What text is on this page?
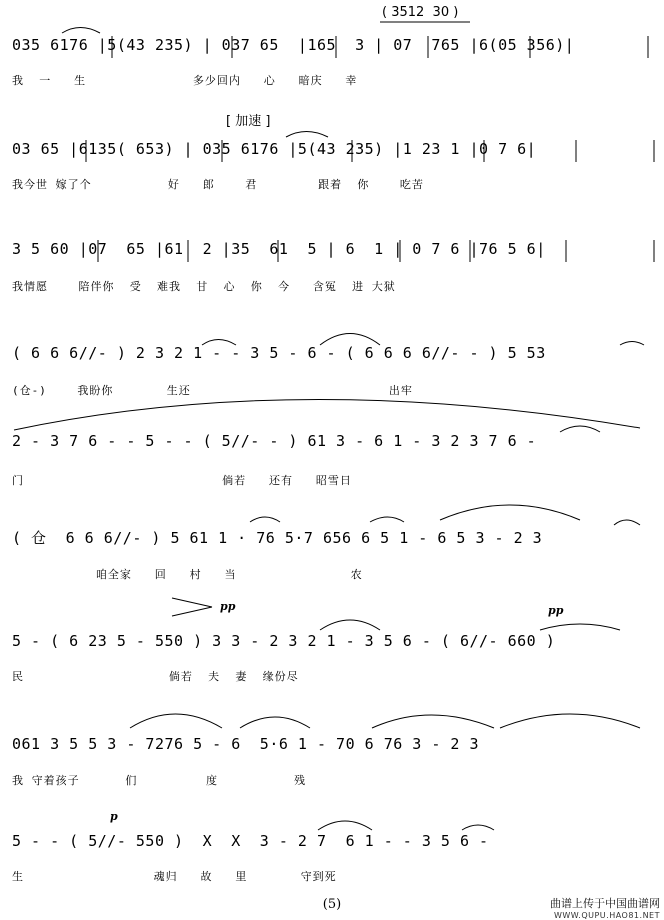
( 3512  30 )
[ 加速 ]
pp	pp
p
035 6176 |5(43 235) | 037 65  |165  3 | 07  765 |6(05 356)|
我  一   生              多少回内   心   暗庆   幸
03 65 |6135( 653) | 035 6176 |5(43 235) |1 23 1 |0 7 6|
我今世 嫁了个          好   郎    君        跟着  你    吃苦
3 5 60 |07  65 |61  2 |35  61  5 | 6  1 | 0 7 6 |76 5 6|
我情愿    陪伴你  受  难我  甘  心  你  今   含冤  进 大狱
( 6 6 6//- ) 2 3 2 1 - - 3 5 - 6 - ( 6 6 6 6//- - ) 5 53
(仓-)    我盼你       生还                          出牢
2 - 3 7 6 - - 5 - - ( 5//- - ) 61 3 - 6 1 - 3 2 3 7 6 -
门                          倘若   还有   昭雪日
( 仓  6 6 6//- ) 5 61 1 · 76 5·7 656 6 5 1 - 6 5 3 - 2 3
咱全家   回   村   当               农
5 - ( 6 23 5 - 550 ) 3 3 - 2 3 2 1 - 3 5 6 - ( 6//- 660 )
民                   倘若  夫  妻  缘份尽
061 3 5 5 3 - 7276 5 - 6  5·6 1 - 70 6 76 3 - 2 3
我 守着孩子      们         度          残
5 - - ( 5//- 550 )  X  X  3 - 2 7  6 1 - - 3 5 6 -
生                 魂归   故   里       守到死
(5)	曲谱上传于中国曲谱网
WWW.QUPU.HAO81.NET
